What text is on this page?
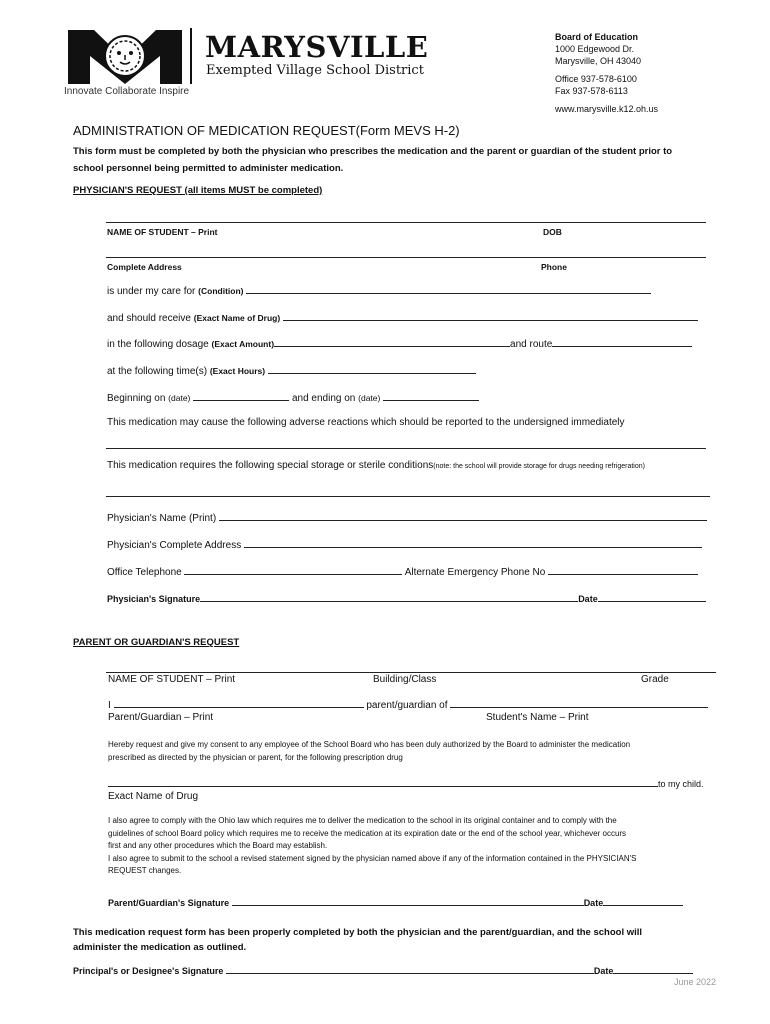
MARYSVILLE
Exempted Village School District
Innovate Collaborate Inspire
Board of Education
1000 Edgewood Dr.
Marysville, OH 43040
Office 937-578-6100
Fax 937-578-6113
www.marysville.k12.oh.us
ADMINISTRATION OF MEDICATION REQUEST(Form MEVS H-2)
This form must be completed by both the physician who prescribes the medication and the parent or guardian of the student prior to
school personnel being permitted to administer medication.
PHYSICIAN'S REQUEST (all items MUST be completed)
NAME OF STUDENT – Print	DOB
Complete Address	Phone
is under my care for (Condition)
and should receive (Exact Name of Drug)
in the following dosage (Exact Amount)	and route
at the following time(s) (Exact Hours)
Beginning on (date)	and ending on (date)
This medication may cause the following adverse reactions which should be reported to the undersigned immediately
This medication requires the following special storage or sterile conditions(note: the school will provide storage for drugs needing refrigeration)
Physician's Name (Print)
Physician's Complete Address
Office Telephone	Alternate Emergency Phone No
Physician's Signature	Date
PARENT OR GUARDIAN'S REQUEST
NAME OF STUDENT – Print	Building/Class	Grade
I	parent/guardian of
Parent/Guardian – Print	Student's Name – Print
Hereby request and give my consent to any employee of the School Board who has been duly authorized by the Board to administer the medication
prescribed as directed by the physician or parent, for the following prescription drug
to my child.
Exact Name of Drug
I also agree to comply with the Ohio law which requires me to deliver the medication to the school in its original container and to comply with the
guidelines of school Board policy which requires me to receive the medication at its expiration date or the end of the school year, whichever occurs
first and any other procedures which the Board may establish.
I also agree to submit to the school a revised statement signed by the physician named above if any of the information contained in the PHYSICIAN'S
REQUEST changes.
Parent/Guardian's Signature	Date
This medication request form has been properly completed by both the physician and the parent/guardian, and the school will
administer the medication as outlined.
Principal's or Designee's Signature	Date
June 2022
